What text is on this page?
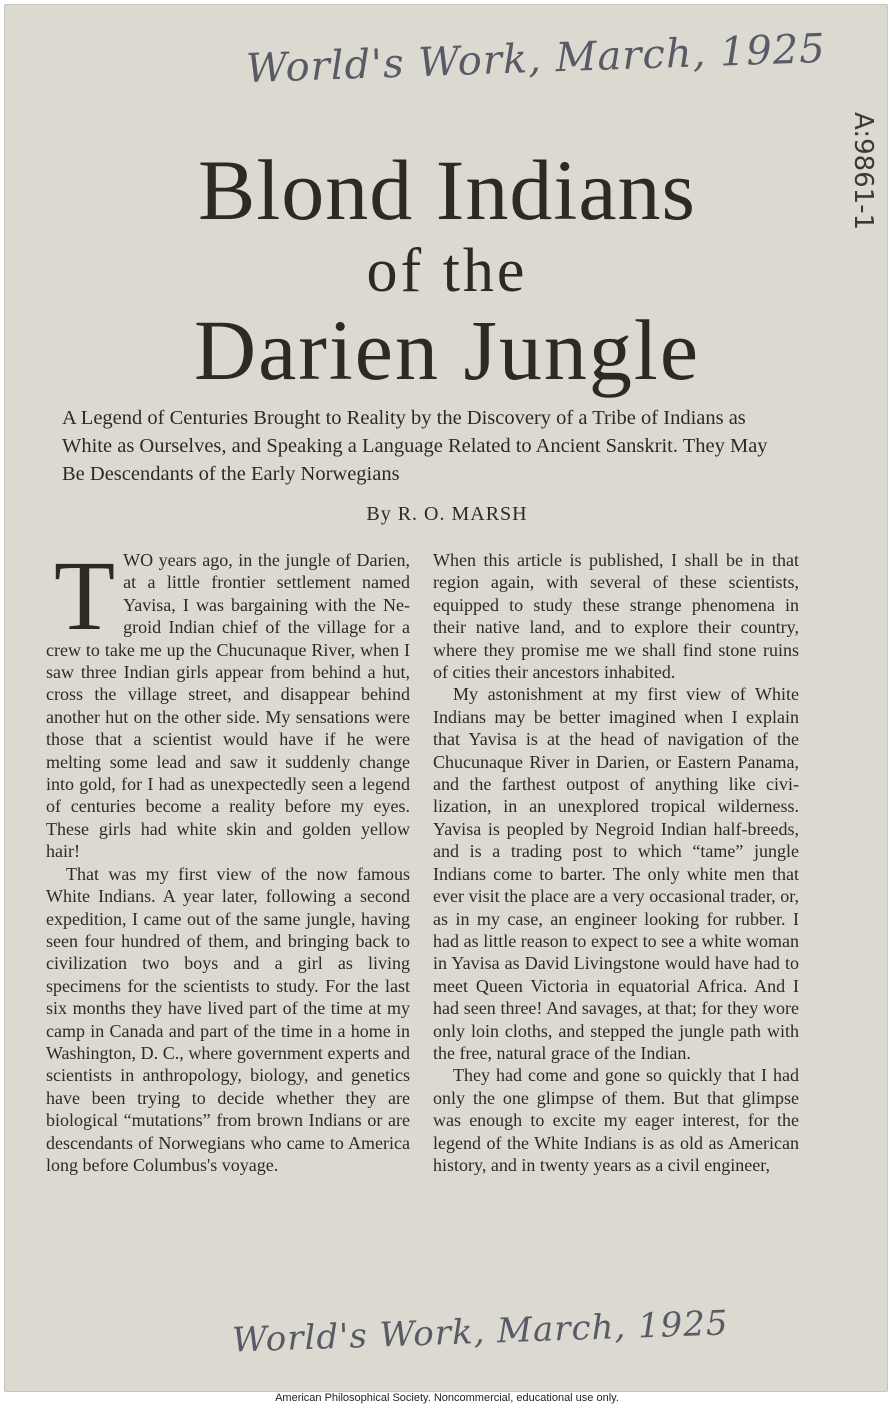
World's Work, March, 1925
A:9861-1
Blond Indians
of the
Darien Jungle
A Legend of Centuries Brought to Reality by the Discovery of a Tribe of Indians as White as Ourselves, and Speaking a Language Related to Ancient Sanskrit. They May Be Descendants of the Early Norwegians
By R. O. MARSH

TWO years ago, in the jungle of Darien, at a little frontier settlement named Yavisa, I was bargaining with the Negroid Indian chief of the village for a crew to take me up the Chucunaque River, when I saw three Indian girls appear from behind a hut, cross the village street, and disappear behind another hut on the other side. My sensations were those that a scientist would have if he were melting some lead and saw it suddenly change into gold, for I had as unexpectedly seen a legend of centuries become a reality before my eyes. These girls had white skin and golden yellow hair!

That was my first view of the now famous White Indians. A year later, following a second expedition, I came out of the same jungle, having seen four hundred of them, and bringing back to civilization two boys and a girl as living specimens for the scientists to study. For the last six months they have lived part of the time at my camp in Canada and part of the time in a home in Washington, D. C., where government experts and scientists in anthropology, biology, and genetics have been trying to decide whether they are biological “mutations” from brown Indians or are descendants of Norwegians who came to America long before Columbus's voyage.

When this article is published, I shall be in that region again, with several of these scientists, equipped to study these strange phenomena in their native land, and to explore their country, where they promise me we shall find stone ruins of cities their ancestors inhabited.

My astonishment at my first view of White Indians may be better imagined when I explain that Yavisa is at the head of navigation of the Chucunaque River in Darien, or Eastern Panama, and the farthest outpost of anything like civilization, in an unexplored tropical wilderness. Yavisa is peopled by Negroid Indian half-breeds, and is a trading post to which “tame” jungle Indians come to barter. The only white men that ever visit the place are a very occasional trader, or, as in my case, an engineer looking for rubber. I had as little reason to expect to see a white woman in Yavisa as David Livingstone would have had to meet Queen Victoria in equatorial Africa. And I had seen three! And savages, at that; for they wore only loin cloths, and stepped the jungle path with the free, natural grace of the Indian.

They had come and gone so quickly that I had only the one glimpse of them. But that glimpse was enough to excite my eager interest, for the legend of the White Indians is as old as American history, and in twenty years as a civil engineer,

World's Work, March, 1925
American Philosophical Society. Noncommercial, educational use only.
